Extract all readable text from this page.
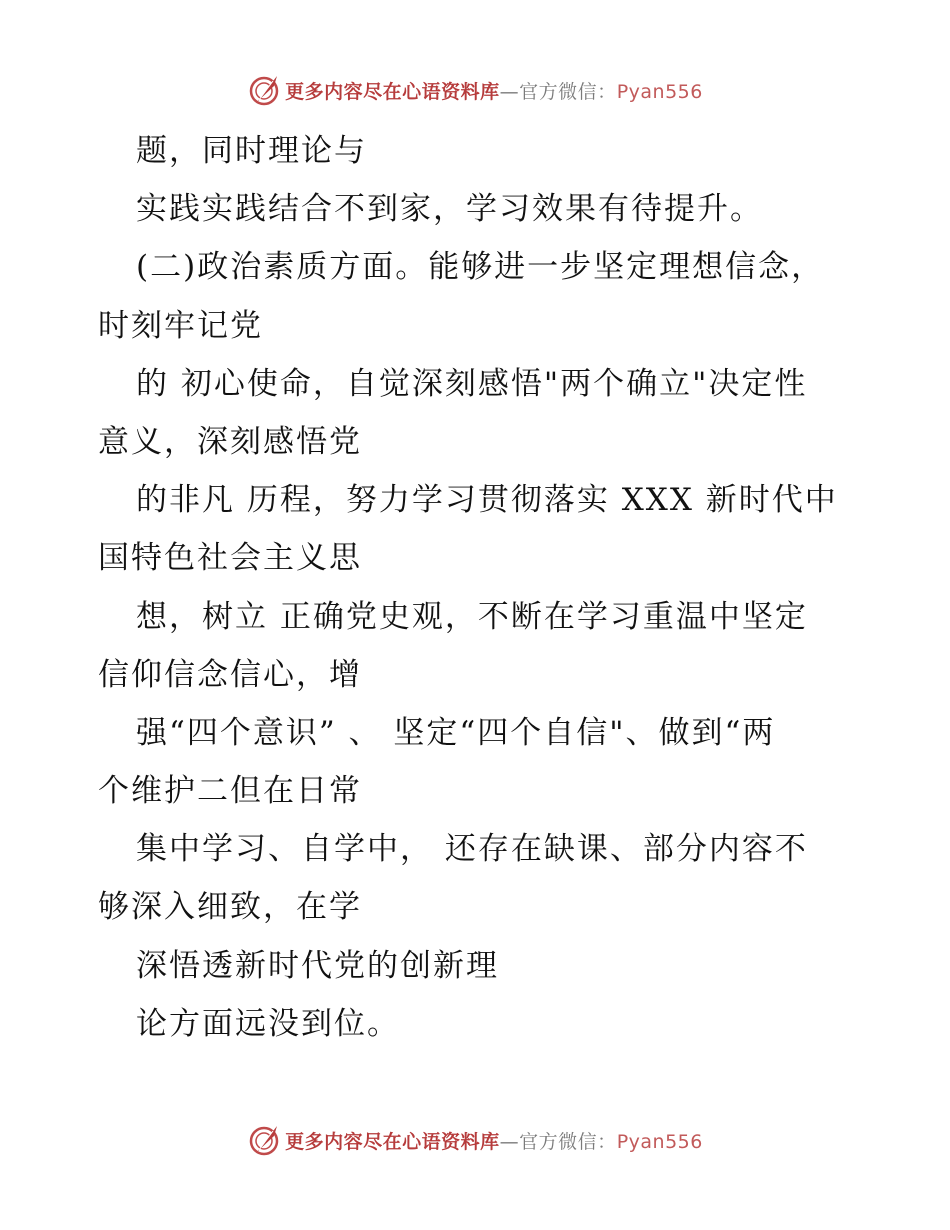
更多内容尽在心语资料库—官方微信：Pyan556
题，同时理论与
实践实践结合不到家，学习效果有待提升。
(二)政治素质方面。能够进一步坚定理想信念，
时刻牢记党
的 初心使命，自觉深刻感悟"两个确立"决定性
意义，深刻感悟党
的非凡 历程，努力学习贯彻落实 XXX 新时代中
国特色社会主义思
想，树立 正确党史观，不断在学习重温中坚定
信仰信念信心，增
强“四个意识” 、 坚定“四个自信"、做到“两
个维护二但在日常
集中学习、自学中， 还存在缺课、部分内容不
够深入细致，在学
深悟透新时代党的创新理
论方面远没到位。
更多内容尽在心语资料库—官方微信：Pyan556
